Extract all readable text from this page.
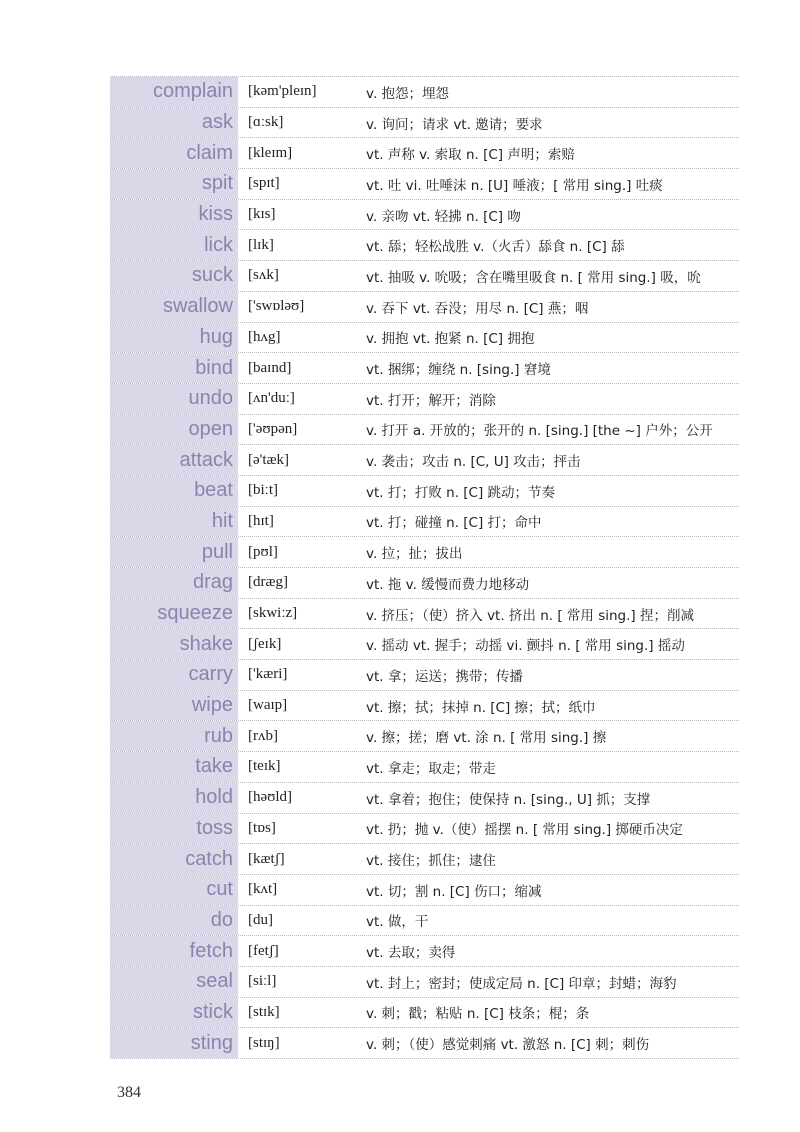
complain	[kəm'pleɪn]	v. 抱怨；埋怨
ask	[ɑːsk]	v. 询问；请求 vt. 邀请；要求
claim	[kleɪm]	vt. 声称 v. 索取 n. [C] 声明；索赔
spit	[spɪt]	vt. 吐 vi. 吐唾沫 n. [U] 唾液；[ 常用 sing.] 吐痰
kiss	[kɪs]	v. 亲吻 vt. 轻拂 n. [C] 吻
lick	[lɪk]	vt. 舔；轻松战胜 v.（火舌）舔食 n. [C] 舔
suck	[sʌk]	vt. 抽吸 v. 吮吸；含在嘴里吸食 n. [ 常用 sing.] 吸，吮
swallow	['swɒləʊ]	v. 吞下 vt. 吞没；用尽 n. [C] 燕；咽
hug	[hʌg]	v. 拥抱 vt. 抱紧 n. [C] 拥抱
bind	[baɪnd]	vt. 捆绑；缠绕 n. [sing.] 窘境
undo	[ʌn'duː]	vt. 打开；解开；消除
open	['əʊpən]	v. 打开 a. 开放的；张开的 n. [sing.] [the ~] 户外；公开
attack	[ə'tæk]	v. 袭击；攻击 n. [C, U] 攻击；抨击
beat	[biːt]	vt. 打；打败 n. [C] 跳动；节奏
hit	[hɪt]	vt. 打；碰撞 n. [C] 打；命中
pull	[pʊl]	v. 拉；扯；拔出
drag	[dræg]	vt. 拖 v. 缓慢而费力地移动
squeeze	[skwiːz]	v. 挤压；（使）挤入 vt. 挤出 n. [ 常用 sing.] 捏；削减
shake	[ʃeɪk]	v. 摇动 vt. 握手；动摇 vi. 颤抖 n. [ 常用 sing.] 摇动
carry	['kæri]	vt. 拿；运送；携带；传播
wipe	[waɪp]	vt. 擦；拭；抹掉 n. [C] 擦；拭；纸巾
rub	[rʌb]	v. 擦；搓；磨 vt. 涂 n. [ 常用 sing.] 擦
take	[teɪk]	vt. 拿走；取走；带走
hold	[həʊld]	vt. 拿着；抱住；使保持 n. [sing., U] 抓；支撑
toss	[tɒs]	vt. 扔；抛 v.（使）摇摆 n. [ 常用 sing.] 掷硬币决定
catch	[kætʃ]	vt. 接住；抓住；逮住
cut	[kʌt]	vt. 切；割 n. [C] 伤口；缩减
do	[du]	vt. 做，干
fetch	[fetʃ]	vt. 去取；卖得
seal	[siːl]	vt. 封上；密封；使成定局 n. [C] 印章；封蜡；海豹
stick	[stɪk]	v. 刺；戳；粘贴 n. [C] 枝条；棍；条
sting	[stɪŋ]	v. 刺；（使）感觉刺痛 vt. 激怒 n. [C] 刺；刺伤
384
